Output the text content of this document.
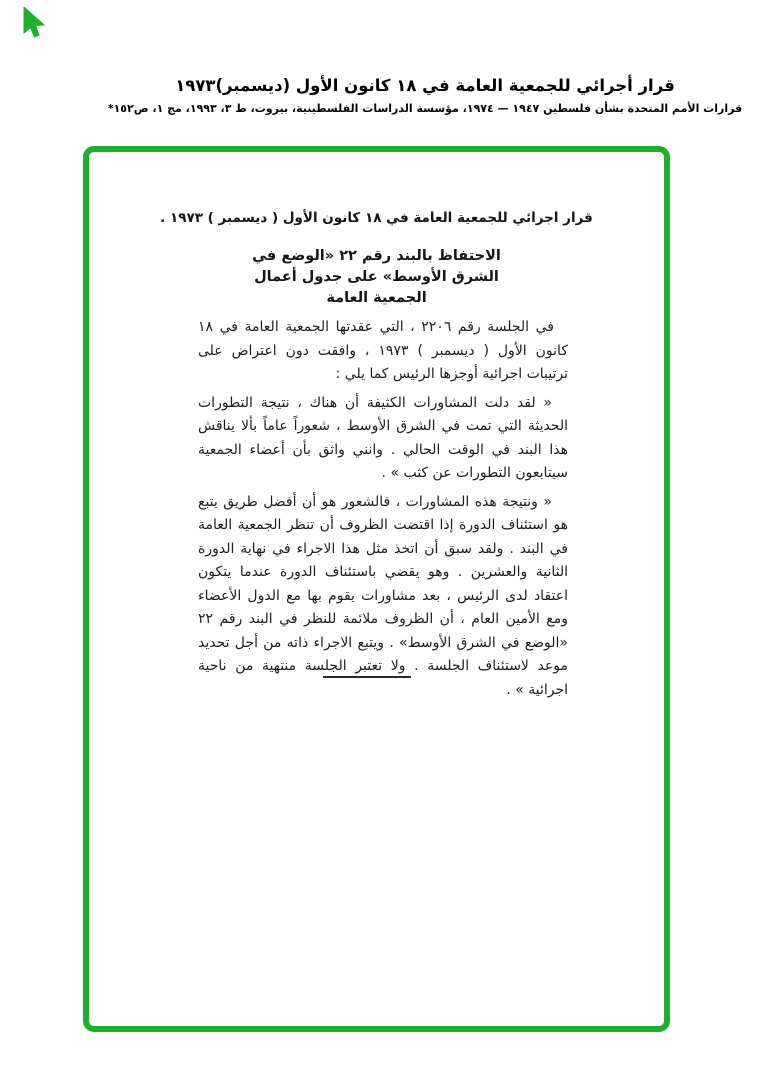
قرار أجرائي للجمعية العامة في ١٨ كانون الأول (ديسمبر)١٩٧٣
قرارات الأمم المتحدة بشأن فلسطين ١٩٤٧ — ١٩٧٤، مؤسسة الدراسات الفلسطينية، بيروت، ط ٣، ١٩٩٣، مج ١، ص١٥٢*
قرار اجرائي للجمعية العامة في ١٨ كانون الأول ( ديسمبر ) ١٩٧٣ .
الاحتفاظ بالبند رقم ٢٢ «الوضع في
الشرق الأوسط» على جدول أعمال
الجمعية العامة

في الجلسة رقم ٢٢٠٦ ، التي عقدتها الجمعية العامة في ١٨ كانون الأول ( ديسمبر ) ١٩٧٣ ، وافقت دون اعتراض على ترتيبات اجرائية أوجزها الرئيس كما يلي :

« لقد دلت المشاورات الكثيفة أن هناك ، نتيجة التطورات الحديثة التي تمت في الشرق الأوسط ، شعوراً عاماً بألا يناقش هذا البند في الوقت الحالي . وانني واثق بأن أعضاء الجمعية سيتابعون التطورات عن كثب » .

« ونتيجة هذه المشاورات ، فالشعور هو أن أفضل طريق يتبع هو استئناف الدورة إذا اقتضت الظروف أن تنظر الجمعية العامة في البند . ولقد سبق أن اتخذ مثل هذا الاجراء في نهاية الدورة الثانية والعشرين . وهو يقضي باستئناف الدورة عندما يتكون اعتقاد لدى الرئيس ، بعد مشاورات يقوم بها مع الدول الأعضاء ومع الأمين العام ، أن الظروف ملائمة للنظر في البند رقم ٢٢ «الوضع في الشرق الأوسط» . ويتبع الاجراء ذاته من أجل تحديد موعد لاستئناف الجلسة . ولا تعتبر الجلسة منتهية من ناحية اجرائية » .
